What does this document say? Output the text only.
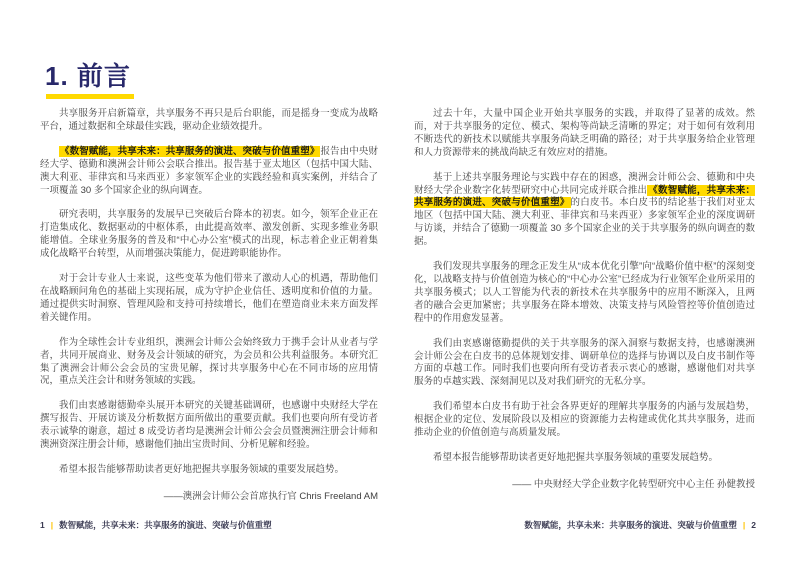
1. 前言

共享服务开启新篇章，共享服务不再只是后台职能，而是摇身一变成为战略平台，通过数据和全球最佳实践，驱动企业绩效提升。

《数智赋能，共享未来：共享服务的演进、突破与价值重塑》报告由中央财经大学、德勤和澳洲会计师公会联合推出。报告基于亚太地区（包括中国大陆、澳大利亚、菲律宾和马来西亚）多家领军企业的实践经验和真实案例，并结合了一项覆盖 30 多个国家企业的纵向调查。

研究表明，共享服务的发展早已突破后台降本的初衷。如今，领军企业正在打造集成化、数据驱动的中枢体系，由此提高效率、激发创新、实现多维业务职能增值。全球业务服务的普及和“中心办公室”模式的出现，标志着企业正朝着集成化战略平台转型，从而增强决策能力，促进跨职能协作。

对于会计专业人士来说，这些变革为他们带来了激动人心的机遇，帮助他们在战略顾问角色的基础上实现拓展，成为守护企业信任、透明度和价值的力量。通过提供实时洞察、管理风险和支持可持续增长，他们在塑造商业未来方面发挥着关键作用。

作为全球性会计专业组织，澳洲会计师公会始终致力于携手会计从业者与学者，共同开展商业、财务及会计领域的研究，为会员和公共利益服务。本研究汇集了澳洲会计师公会会员的宝贵见解，探讨共享服务中心在不同市场的应用情况，重点关注会计和财务领域的实践。

我们由衷感谢德勤牵头展开本研究的关键基础调研，也感谢中央财经大学在撰写报告、开展访谈及分析数据方面所做出的重要贡献。我们也要向所有受访者表示诚挚的谢意，超过 8 成受访者均是澳洲会计师公会会员暨澳洲注册会计师和澳洲资深注册会计师，感谢他们抽出宝贵时间、分析见解和经验。

希望本报告能够帮助读者更好地把握共享服务领域的重要发展趋势。

——澳洲会计师公会首席执行官 Chris Freeland AM

过去十年，大量中国企业开始共享服务的实践，并取得了显著的成效。然而，对于共享服务的定位、模式、架构等尚缺乏清晰的界定；对于如何有效利用不断迭代的新技术以赋能共享服务尚缺乏明确的路径；对于共享服务给企业管理和人力资源带来的挑战尚缺乏有效应对的措施。

基于上述共享服务理论与实践中存在的困惑，澳洲会计师公会、德勤和中央财经大学企业数字化转型研究中心共同完成并联合推出《数智赋能，共享未来：共享服务的演进、突破与价值重塑》的白皮书。本白皮书的结论基于我们对亚太地区（包括中国大陆、澳大利亚、菲律宾和马来西亚）多家领军企业的深度调研与访谈，并结合了德勤一项覆盖 30 多个国家企业的关于共享服务的纵向调查的数据。

我们发现共享服务的理念正发生从“成本优化引擎”向“战略价值中枢”的深刻变化，以战略支持与价值创造为核心的“中心办公室”已经成为行业领军企业所采用的共享服务模式；以人工智能为代表的新技术在共享服务中的应用不断深入，且两者的融合会更加紧密；共享服务在降本增效、决策支持与风险管控等价值创造过程中的作用愈发显著。

我们由衷感谢德勤提供的关于共享服务的深入洞察与数据支持，也感谢澳洲会计师公会在白皮书的总体规划安排、调研单位的选择与协调以及白皮书制作等方面的卓越工作。同时我们也要向所有受访者表示衷心的感谢，感谢他们对共享服务的卓越实践、深刻洞见以及对我们研究的无私分享。

我们希望本白皮书有助于社会各界更好的理解共享服务的内涵与发展趋势，根据企业的定位、发展阶段以及相应的资源能力去构建或优化其共享服务，进而推动企业的价值创造与高质量发展。

希望本报告能够帮助读者更好地把握共享服务领域的重要发展趋势。

—— 中央财经大学企业数字化转型研究中心主任 孙健教授

1 | 数智赋能，共享未来：共享服务的演进、突破与价值重塑	数智赋能，共享未来：共享服务的演进、突破与价值重塑 | 2
